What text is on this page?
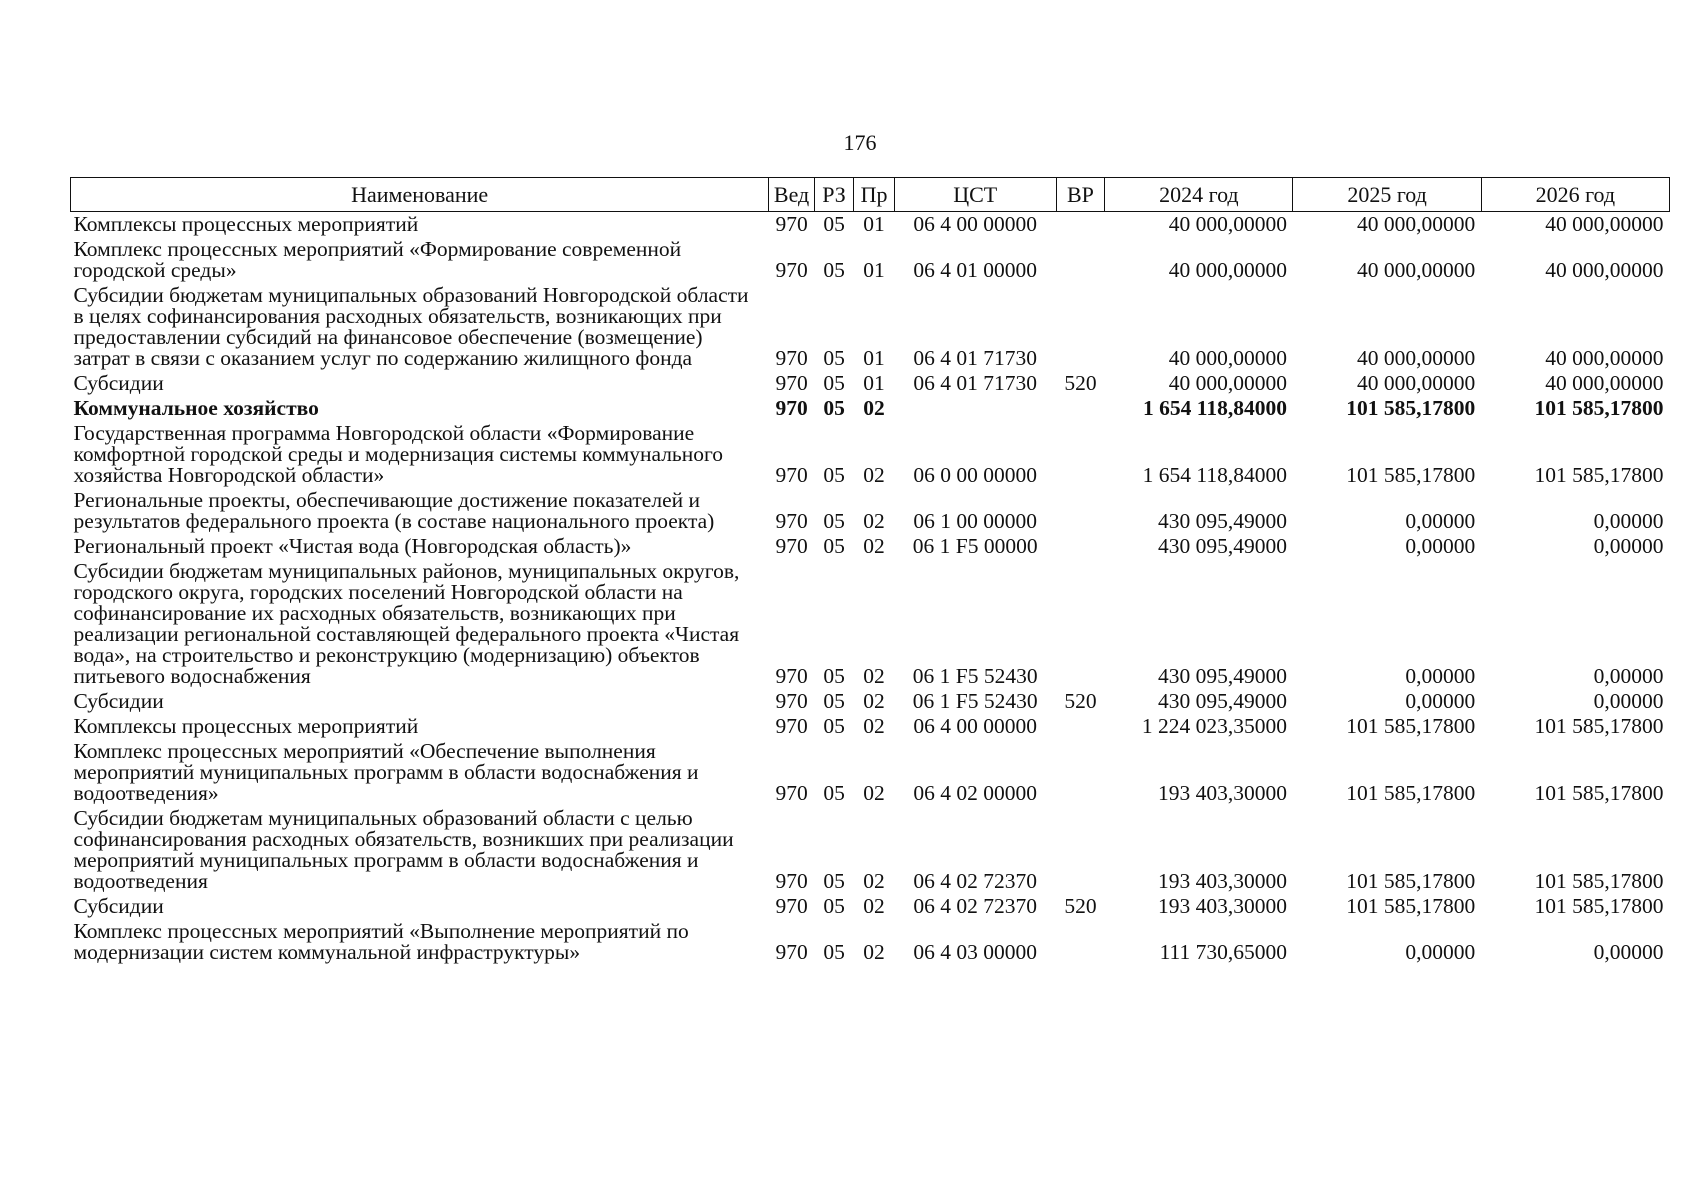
176
Наименование	Вед	РЗ	Пр	ЦСТ	ВР	2024 год	2025 год	2026 год
Комплексы процессных мероприятий	970	05	01	06 4 00 00000		40 000,00000	40 000,00000	40 000,00000
Комплекс процессных мероприятий «Формирование современной городской среды»	970	05	01	06 4 01 00000		40 000,00000	40 000,00000	40 000,00000
Субсидии бюджетам муниципальных образований Новгородской области в целях софинансирования расходных обязательств, возникающих при предоставлении субсидий на финансовое обеспечение (возмещение) затрат в связи с оказанием услуг по содержанию жилищного фонда	970	05	01	06 4 01 71730		40 000,00000	40 000,00000	40 000,00000
Субсидии	970	05	01	06 4 01 71730	520	40 000,00000	40 000,00000	40 000,00000
Коммунальное хозяйство	970	05	02			1 654 118,84000	101 585,17800	101 585,17800
Государственная программа Новгородской области «Формирование комфортной городской среды и модернизация системы коммунального хозяйства Новгородской области»	970	05	02	06 0 00 00000		1 654 118,84000	101 585,17800	101 585,17800
Региональные проекты, обеспечивающие достижение показателей и результатов федерального проекта (в составе национального проекта)	970	05	02	06 1 00 00000		430 095,49000	0,00000	0,00000
Региональный проект «Чистая вода (Новгородская область)»	970	05	02	06 1 F5 00000		430 095,49000	0,00000	0,00000
Субсидии бюджетам муниципальных районов, муниципальных округов, городского округа, городских поселений Новгородской области на софинансирование их расходных обязательств, возникающих при реализации региональной составляющей федерального проекта «Чистая вода», на строительство и реконструкцию (модернизацию) объектов питьевого водоснабжения	970	05	02	06 1 F5 52430		430 095,49000	0,00000	0,00000
Субсидии	970	05	02	06 1 F5 52430	520	430 095,49000	0,00000	0,00000
Комплексы процессных мероприятий	970	05	02	06 4 00 00000		1 224 023,35000	101 585,17800	101 585,17800
Комплекс процессных мероприятий «Обеспечение выполнения мероприятий муниципальных программ в области водоснабжения и водоотведения»	970	05	02	06 4 02 00000		193 403,30000	101 585,17800	101 585,17800
Субсидии бюджетам муниципальных образований области с целью софинансирования расходных обязательств, возникших при реализации мероприятий муниципальных программ в области водоснабжения и водоотведения	970	05	02	06 4 02 72370		193 403,30000	101 585,17800	101 585,17800
Субсидии	970	05	02	06 4 02 72370	520	193 403,30000	101 585,17800	101 585,17800
Комплекс процессных мероприятий «Выполнение мероприятий по модернизации систем коммунальной инфраструктуры»	970	05	02	06 4 03 00000		111 730,65000	0,00000	0,00000
